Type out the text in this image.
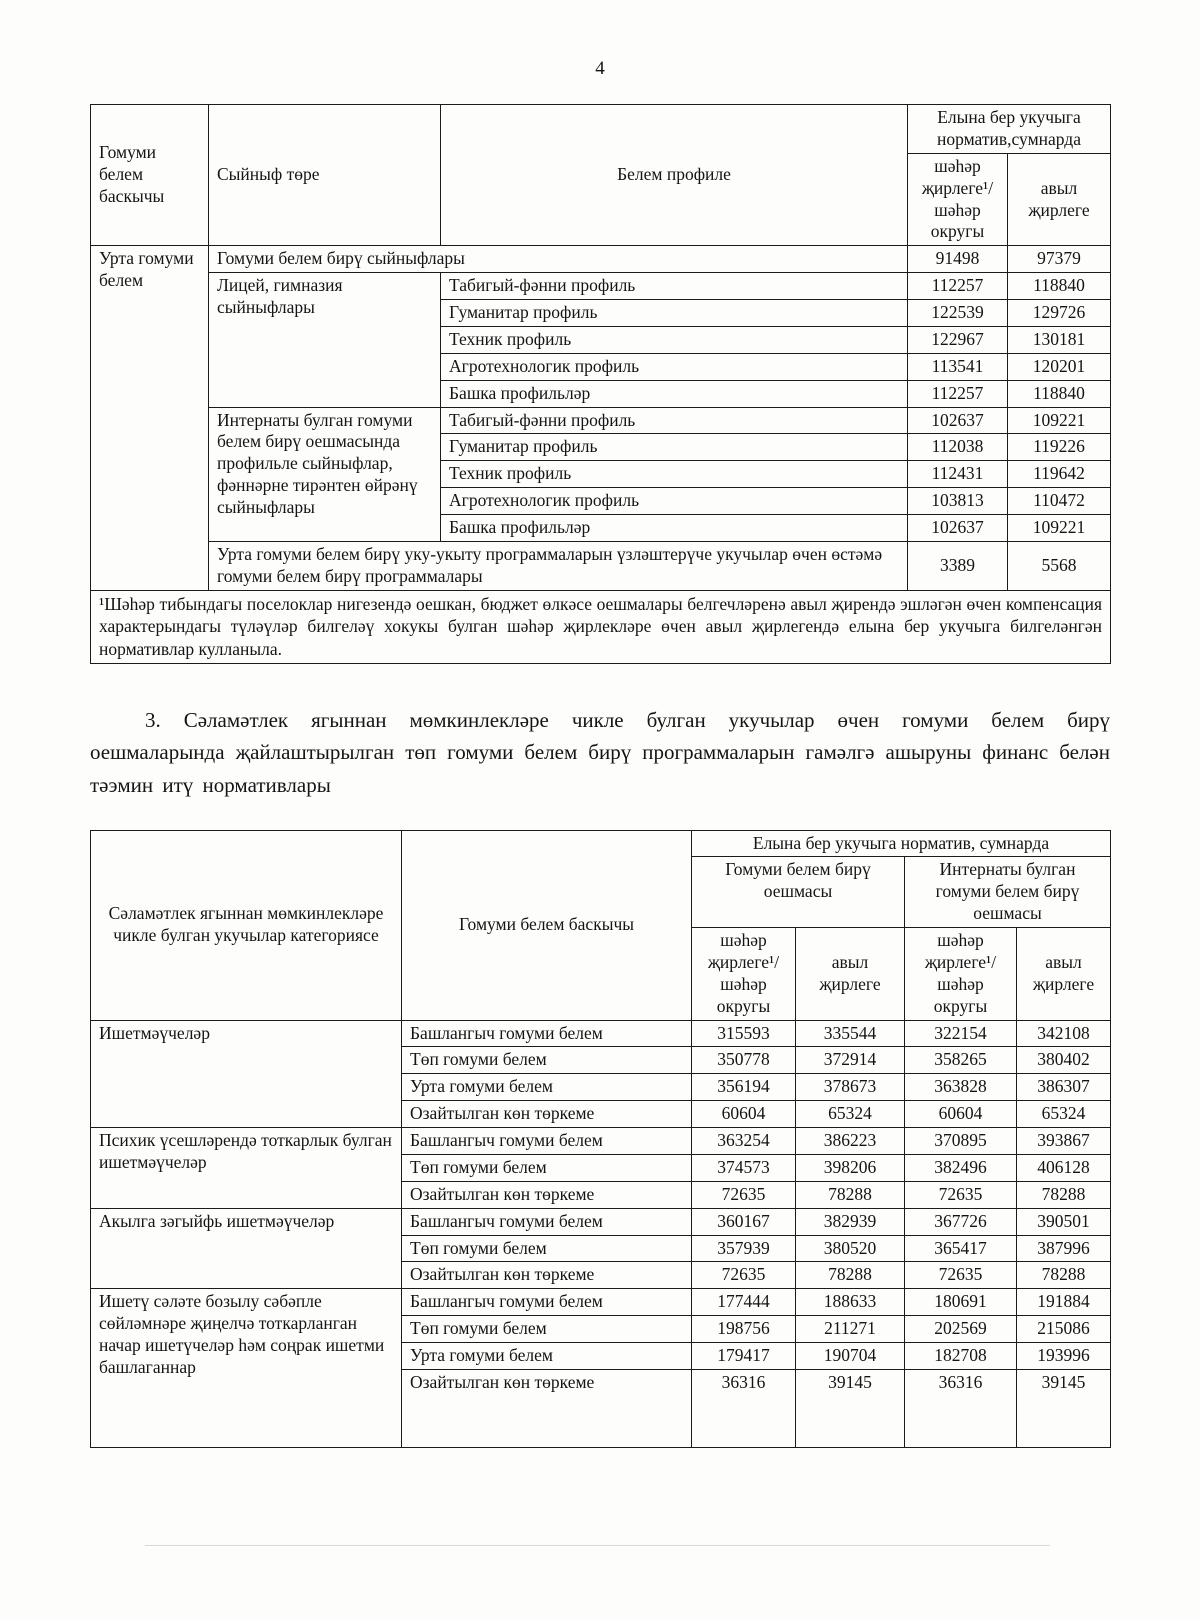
4
Гомуми белем баскычы	Сыйныф төре	Белем профиле	Елына бер укучыга норматив,сумнарда	
			шәһәр җирлеге¹/ шәһәр округы	авыл җирлеге
Урта гомуми белем	Гомуми белем бирү сыйныфлары		91498	97379
	Лицей, гимназия сыйныфлары	Табигый-фәнни профиль	112257	118840
		Гуманитар профиль	122539	129726
		Техник профиль	122967	130181
		Агротехнологик профиль	113541	120201
		Башка профильләр	112257	118840
	Интернаты булган гомуми белем бирү оешмасында профильле сыйныфлар, фәннәрне тирәнтен өйрәнү сыйныфлары	Табигый-фәнни профиль	102637	109221
		Гуманитар профиль	112038	119226
		Техник профиль	112431	119642
		Агротехнологик профиль	103813	110472
		Башка профильләр	102637	109221
	Урта гомуми белем бирү уку-укыту программаларын үзләштерүче укучылар өчен өстәмә гомуми белем бирү программалары		3389	5568
¹Шәһәр тибындагы поселоклар нигезендә оешкан, бюджет өлкәсе оешмалары белгечләренә авыл җирендә эшләгән өчен компенсация характерындагы түләүләр билгеләү хокукы булган шәһәр җирлекләре өчен авыл җирлегендә елына бер укучыга билгеләнгән нормативлар кулланыла.				

3. Сәламәтлек ягыннан мөмкинлекләре чикле булган укучылар өчен гомуми белем бирү оешмаларында җайлаштырылган төп гомуми белем бирү программаларын гамәлгә ашыруны финанс белән тәэмин итү нормативлары

Сәламәтлек ягыннан мөмкинлекләре чикле булган укучылар категориясе	Гомуми белем баскычы	Елына бер укучыга норматив, сумнарда			
		Гомуми белем бирү оешмасы		Интернаты булган гомуми белем бирү оешмасы	
		шәһәр җирлеге¹/ шәһәр округы	авыл җирлеге	шәһәр җирлеге¹/ шәһәр округы	авыл җирлеге
Ишетмәүчеләр	Башлангыч гомуми белем	315593	335544	322154	342108
	Төп гомуми белем	350778	372914	358265	380402
	Урта гомуми белем	356194	378673	363828	386307
	Озайтылган көн төркеме	60604	65324	60604	65324
Психик үсешләрендә тоткарлык булган ишетмәүчеләр	Башлангыч гомуми белем	363254	386223	370895	393867
	Төп гомуми белем	374573	398206	382496	406128
	Озайтылган көн төркеме	72635	78288	72635	78288
Акылга зәгыйфь ишетмәүчеләр	Башлангыч гомуми белем	360167	382939	367726	390501
	Төп гомуми белем	357939	380520	365417	387996
	Озайтылган көн төркеме	72635	78288	72635	78288
Ишетү сәләте бозылу сәбәпле сөйләмнәре җиңелчә тоткарланган начар ишетүчеләр һәм соңрак ишетми башлаганнар	Башлангыч гомуми белем	177444	188633	180691	191884
	Төп гомуми белем	198756	211271	202569	215086
	Урта гомуми белем	179417	190704	182708	193996
	Озайтылган көн төркеме	36316	39145	36316	39145
